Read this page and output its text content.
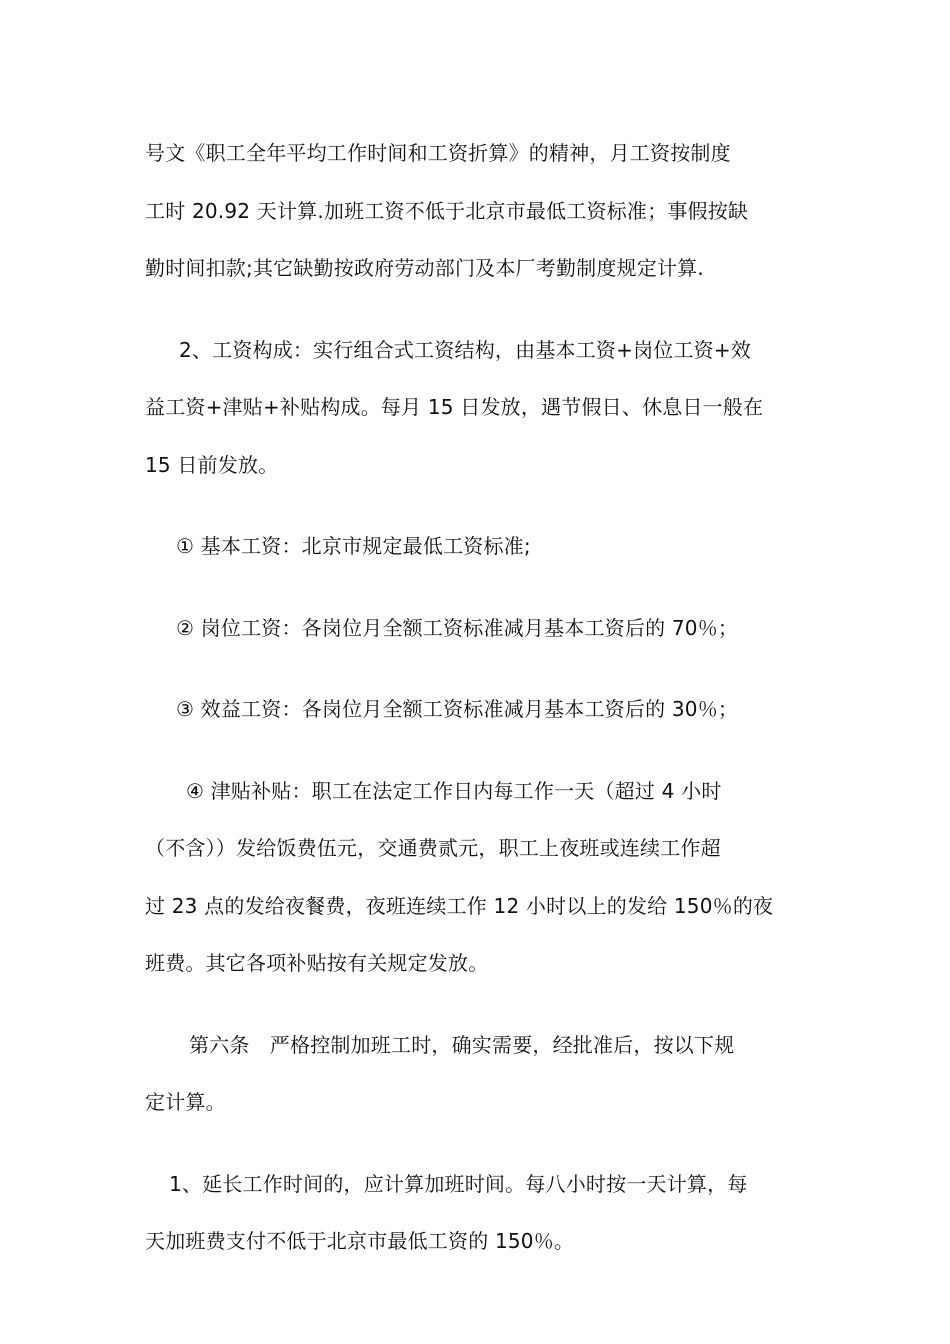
号文《职工全年平均工作时间和工资折算》的精神，月工资按制度
工时 20.92 天计算.加班工资不低于北京市最低工资标准；事假按缺
勤时间扣款;其它缺勤按政府劳动部门及本厂考勤制度规定计算.
2、工资构成：实行组合式工资结构，由基本工资+岗位工资+效
益工资+津贴+补贴构成。每月 15 日发放，遇节假日、休息日一般在
15 日前发放。
① 基本工资：北京市规定最低工资标准;
② 岗位工资：各岗位月全额工资标准减月基本工资后的 70％；
③ 效益工资：各岗位月全额工资标准减月基本工资后的 30％；
④ 津贴补贴：职工在法定工作日内每工作一天（超过 4 小时
（不含））发给饭费伍元，交通费贰元，职工上夜班或连续工作超
过 23 点的发给夜餐费，夜班连续工作 12 小时以上的发给 150％的夜
班费。其它各项补贴按有关规定发放。
第六条　严格控制加班工时，确实需要，经批准后，按以下规
定计算。
1、延长工作时间的，应计算加班时间。每八小时按一天计算，每
天加班费支付不低于北京市最低工资的 150％。
